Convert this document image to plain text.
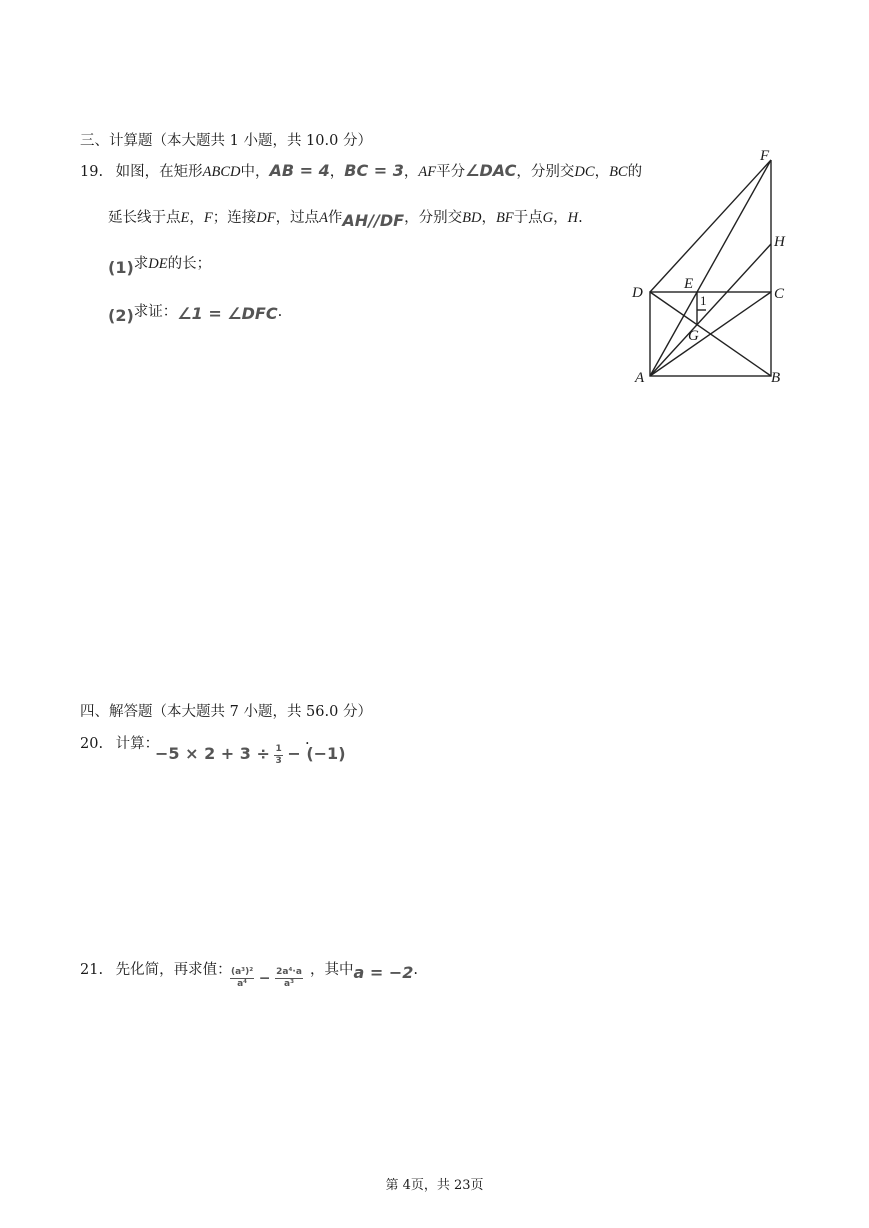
三、计算题（本大题共 1 小题，共 10.0 分）
19. 如图，在矩形ABCD中，AB = 4，BC = 3，AF平分∠DAC，分别交DC，BC的
延长线于点E，F；连接DF，过点A作AH//DF，分别交BD，BF于点G，H.
(1)求DE的长；
(2)求证：∠1 = ∠DFC.
F
H
D
E
C
1
G
A	B
四、解答题（本大题共 7 小题，共 56.0 分）
20. 计算：
$-5 \times 2 + 3 \div \frac{1}{3} - (-1)$
.
21. 先化简，再求值：
$\frac{\text{(a³)²}}{\text{a⁴}} - \frac{\text{2a⁴·a}}{\text{a³}}$ ，其中a = −2.
第 4页，共 23页
